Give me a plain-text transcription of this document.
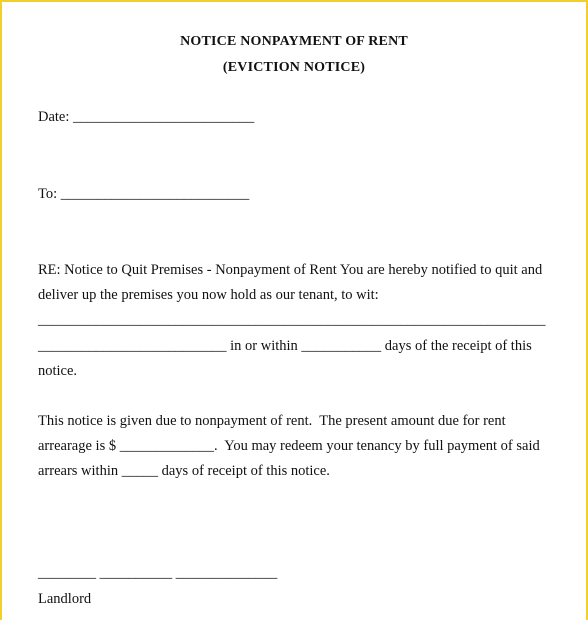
NOTICE NONPAYMENT OF RENT
(EVICTION NOTICE)
Date: _________________________
To: __________________________
RE: Notice to Quit Premises - Nonpayment of Rent You are hereby notified to quit and
deliver up the premises you now hold as our tenant, to wit:
______________________________________________________________________
__________________________ in or within ___________ days of the receipt of this
notice.
This notice is given due to nonpayment of rent.  The present amount due for rent
arrearage is $ _____________.  You may redeem your tenancy by full payment of said
arrears within _____ days of receipt of this notice.
________ __________ ______________
Landlord
